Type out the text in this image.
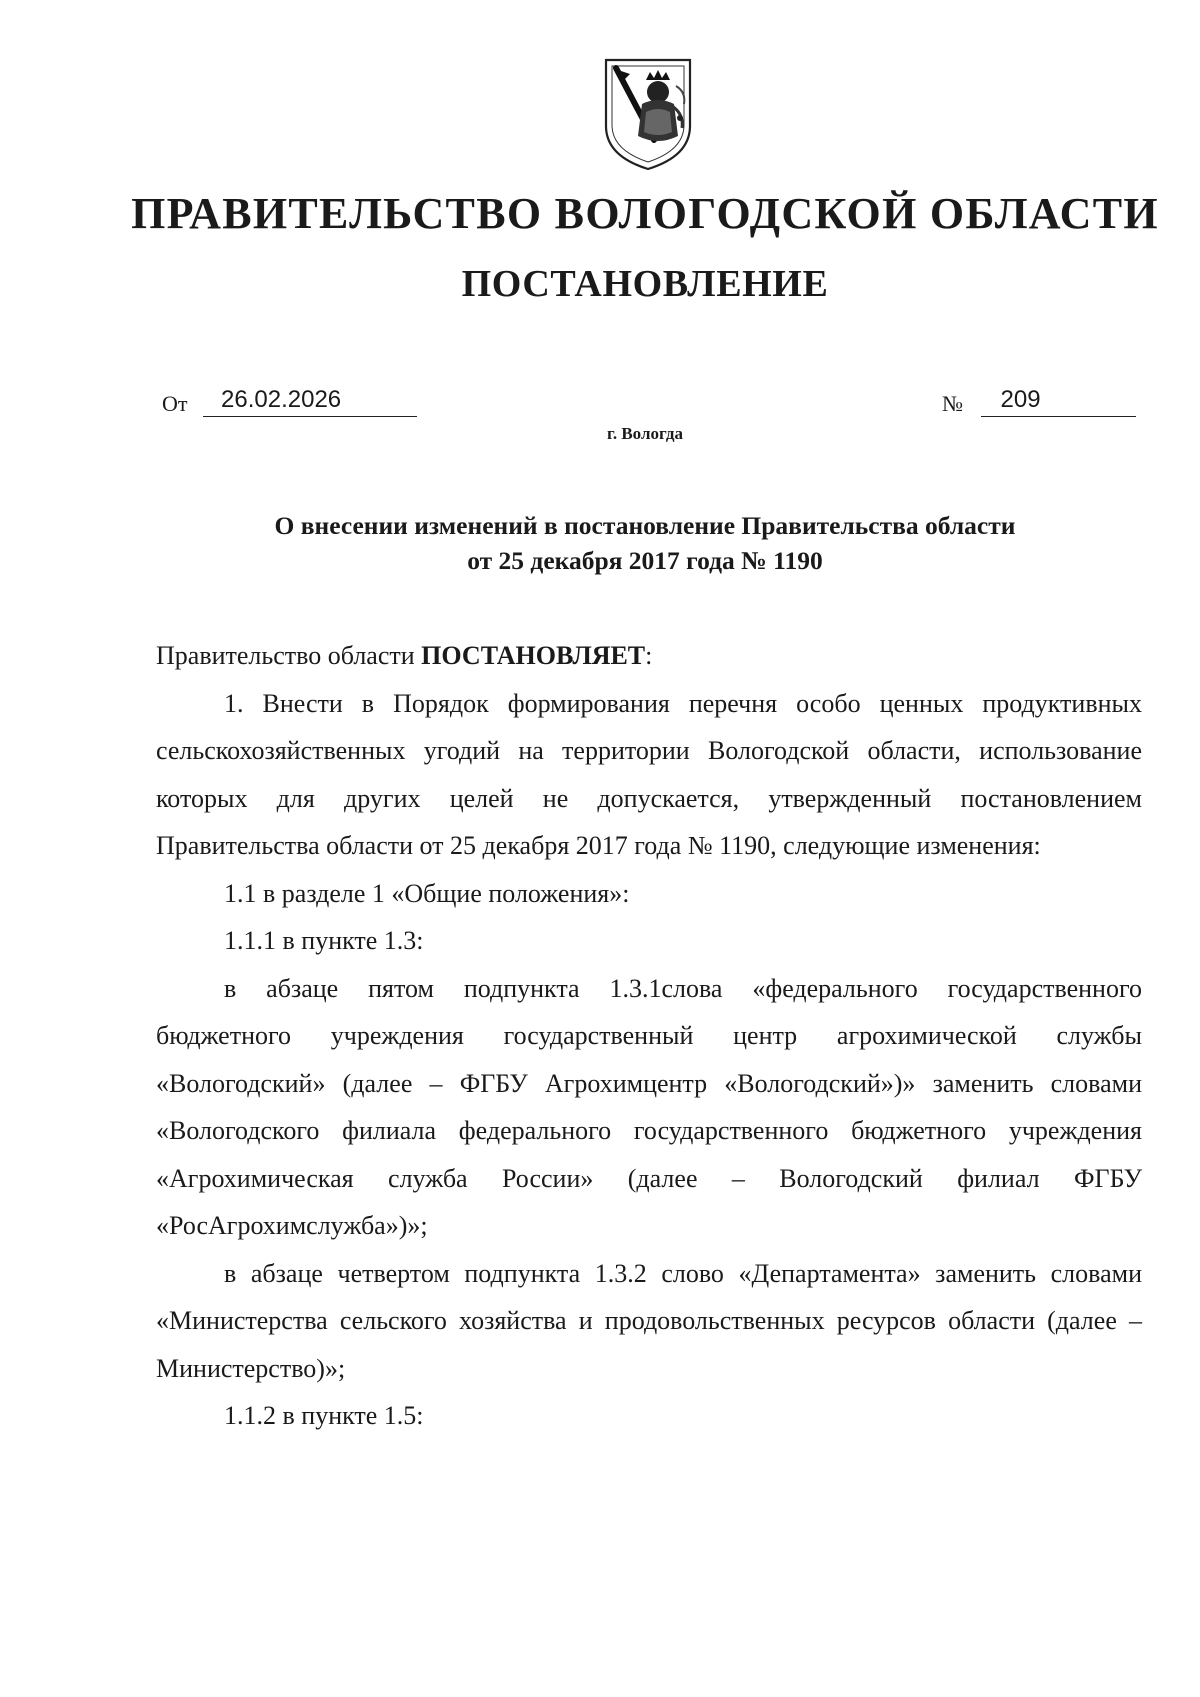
ПРАВИТЕЛЬСТВО ВОЛОГОДСКОЙ ОБЛАСТИ
ПОСТАНОВЛЕНИЕ
От 26.02.2026	№ 209
г. Вологда
О внесении изменений в постановление Правительства области
от 25 декабря 2017 года № 1190

Правительство области ПОСТАНОВЛЯЕТ:

1. Внести в Порядок формирования перечня особо ценных продуктивных сельскохозяйственных угодий на территории Вологодской области, использование которых для других целей не допускается, утвержденный постановлением Правительства области от 25 декабря 2017 года № 1190, следующие изменения:

1.1 в разделе 1 «Общие положения»:

1.1.1 в пункте 1.3:

в абзаце пятом подпункта 1.3.1слова «федерального государственного бюджетного учреждения государственный центр агрохимической службы «Вологодский» (далее – ФГБУ Агрохимцентр «Вологодский»)» заменить словами «Вологодского филиала федерального государственного бюджетного учреждения «Агрохимическая служба России» (далее – Вологодский филиал ФГБУ «РосАгрохимслужба»)»;

в абзаце четвертом подпункта 1.3.2 слово «Департамента» заменить словами «Министерства сельского хозяйства и продовольственных ресурсов области (далее – Министерство)»;

1.1.2 в пункте 1.5:
